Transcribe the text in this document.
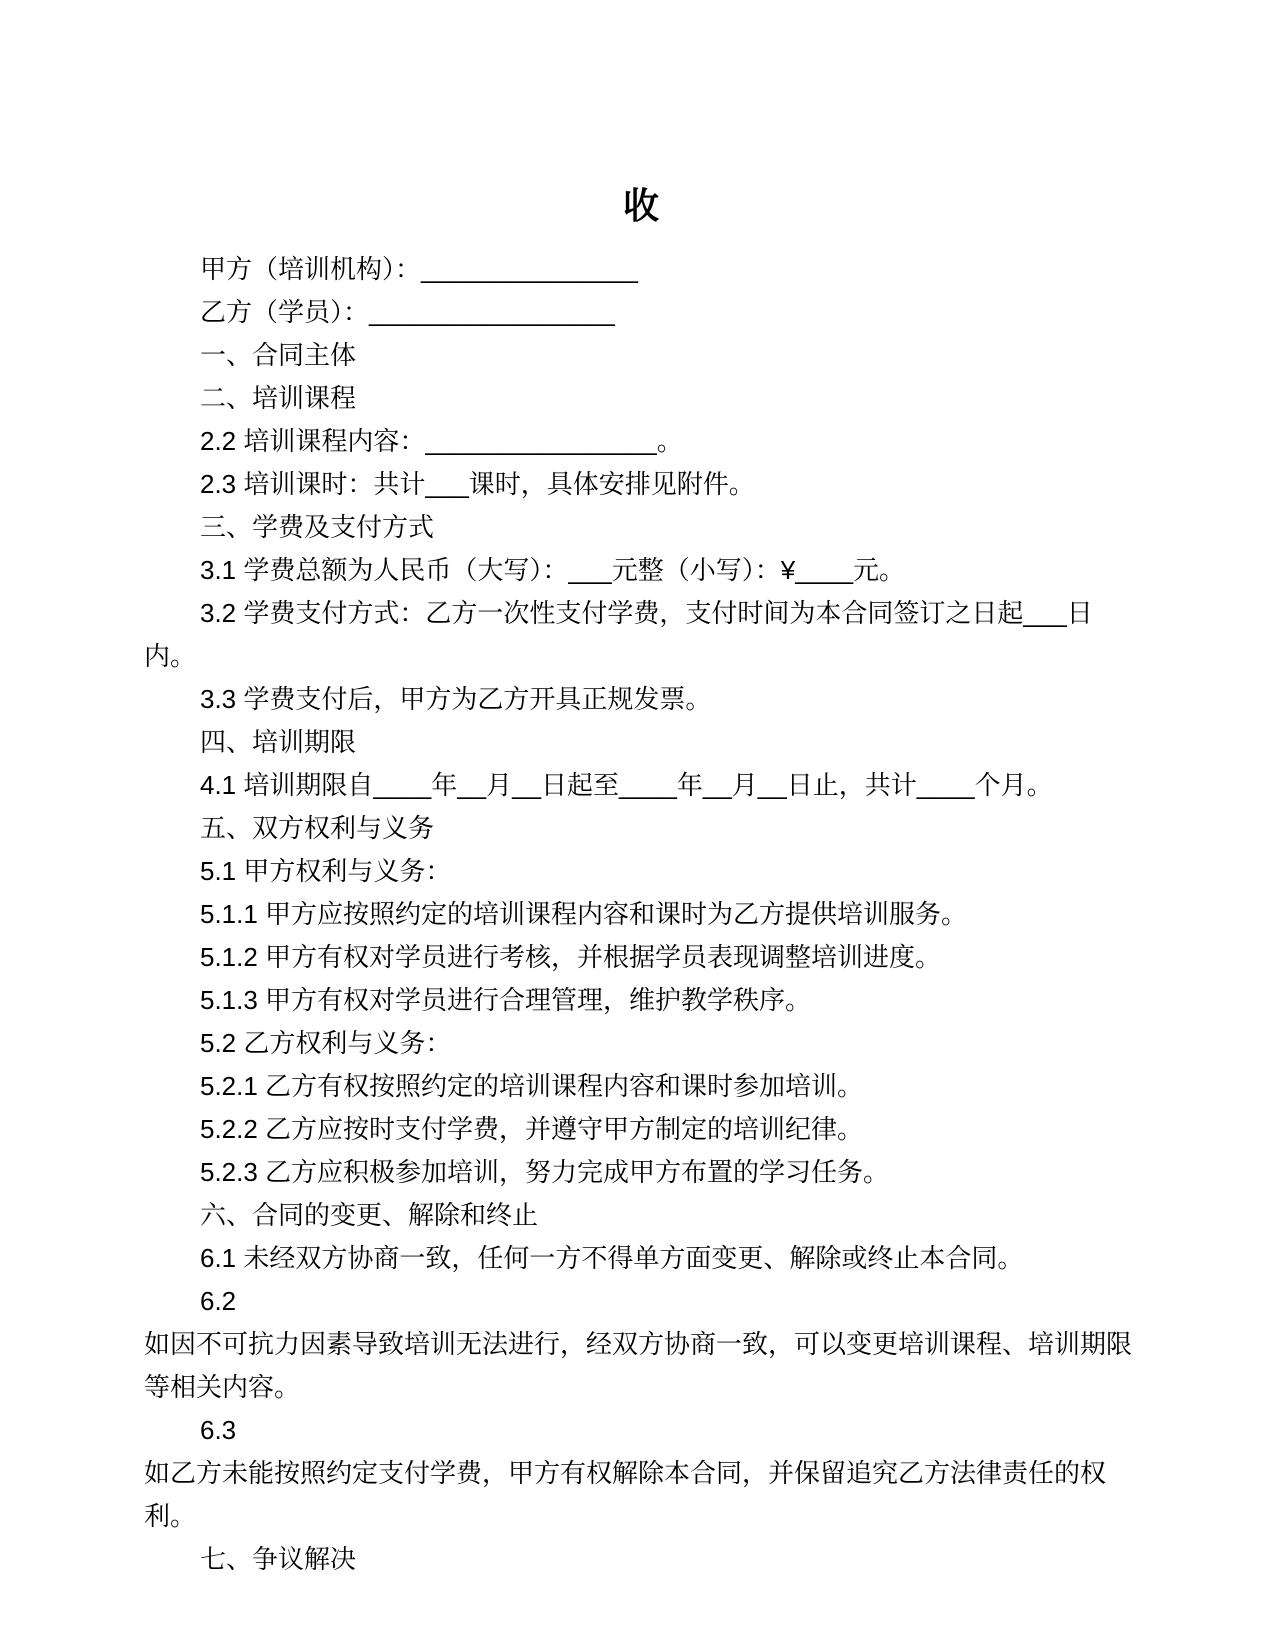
收

甲方（培训机构）：_______________

乙方（学员）：_________________

一、合同主体

二、培训课程

2.2 培训课程内容：________________。

2.3 培训课时：共计___课时，具体安排见附件。

三、学费及支付方式

3.1 学费总额为人民币（大写）：___元整（小写）：¥____元。

3.2 学费支付方式：乙方一次性支付学费，支付时间为本合同签订之日起___日内。

3.3 学费支付后，甲方为乙方开具正规发票。

四、培训期限

4.1 培训期限自____年__月__日起至____年__月__日止，共计____个月。

五、双方权利与义务

5.1 甲方权利与义务：

5.1.1 甲方应按照约定的培训课程内容和课时为乙方提供培训服务。

5.1.2 甲方有权对学员进行考核，并根据学员表现调整培训进度。

5.1.3 甲方有权对学员进行合理管理，维护教学秩序。

5.2 乙方权利与义务：

5.2.1 乙方有权按照约定的培训课程内容和课时参加培训。

5.2.2 乙方应按时支付学费，并遵守甲方制定的培训纪律。

5.2.3 乙方应积极参加培训，努力完成甲方布置的学习任务。

六、合同的变更、解除和终止

6.1 未经双方协商一致，任何一方不得单方面变更、解除或终止本合同。

6.2

如因不可抗力因素导致培训无法进行，经双方协商一致，可以变更培训课程、培训期限等相关内容。

6.3

如乙方未能按照约定支付学费，甲方有权解除本合同，并保留追究乙方法律责任的权利。

七、争议解决
